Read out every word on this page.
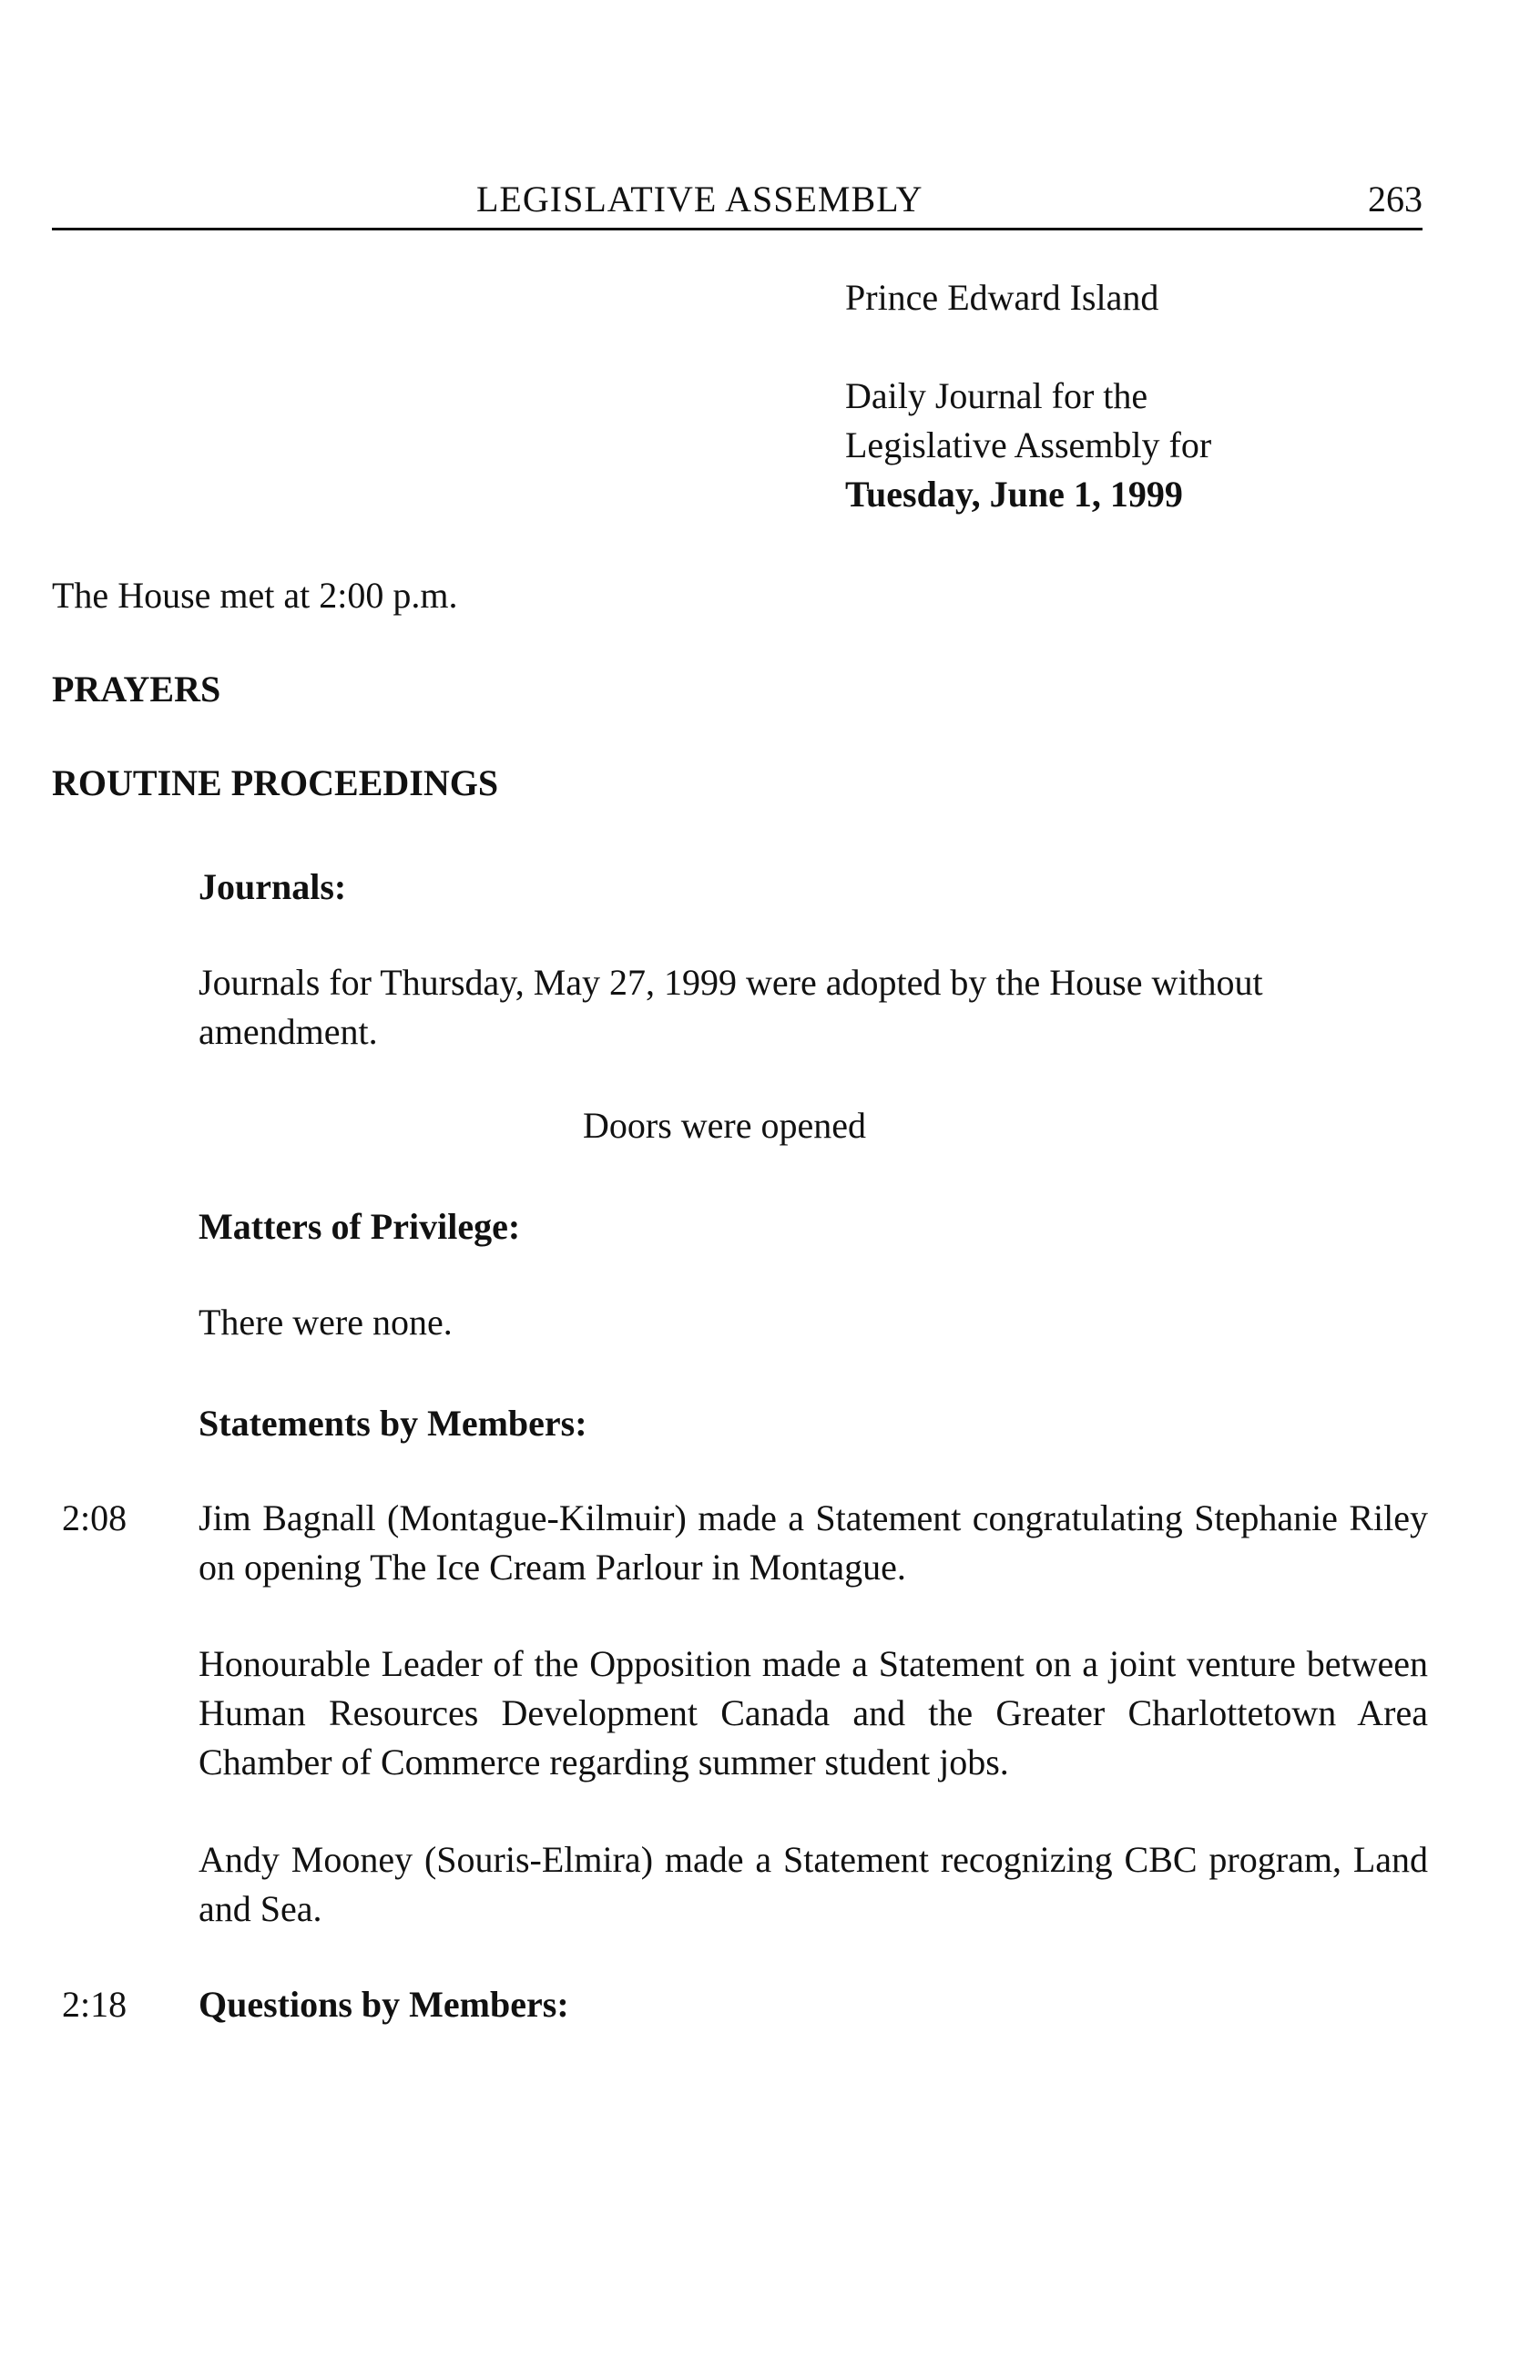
LEGISLATIVE ASSEMBLY	263
Prince Edward Island
Daily Journal for the
Legislative Assembly for
Tuesday, June 1, 1999
The House met at 2:00 p.m.
PRAYERS
ROUTINE PROCEEDINGS
Journals:
Journals for Thursday, May 27, 1999 were adopted by the House without amendment.
Doors were opened
Matters of Privilege:
There were none.
Statements by Members:
2:08 Jim Bagnall (Montague-Kilmuir) made a Statement congratulating Stephanie Riley on opening The Ice Cream Parlour in Montague.
Honourable Leader of the Opposition made a Statement on a joint venture between Human Resources Development Canada and the Greater Charlottetown Area Chamber of Commerce regarding summer student jobs.
Andy Mooney (Souris-Elmira) made a Statement recognizing CBC program, Land and Sea.
2:18 Questions by Members:
